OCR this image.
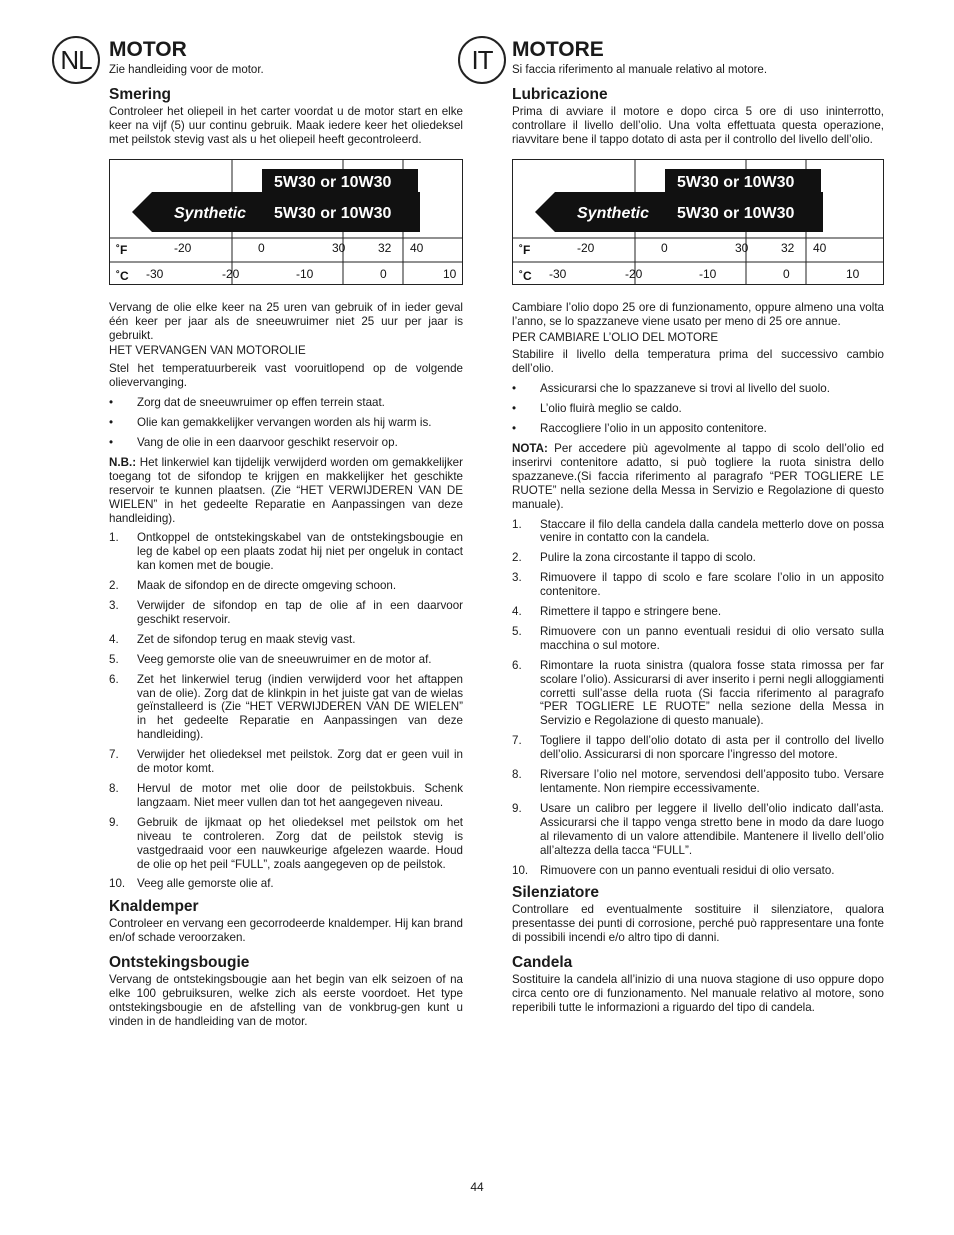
NL	IT
MOTOR
Zie handleiding voor de motor.
Smering

Controleer het oliepeil in het carter voordat u de motor start en elke keer na vijf (5) uur continu gebruik. Maak iedere keer het oliedeksel met peilstok stevig vast als u het oliepeil heeft gecontroleerd.

5W30 or 10W30
Synthetic 5W30 or 10W30
˚F
˚C
-20	0	30	32 40
-30	-20	-10	0	10

Vervang de olie elke keer na 25 uren van gebruik of in ieder geval één keer per jaar als de sneeuwruimer niet 25 uur per jaar is gebruikt.

HET VERVANGEN VAN MOTOROLIE

Stel het temperatuurbereik vast vooruitlopend op de volgende olievervanging.

• Zorg dat de sneeuwruimer op effen terrein staat.
• Olie kan gemakkelijker vervangen worden als hij warm is.
• Vang de olie in een daarvoor geschikt reservoir op.

N.B.: Het linkerwiel kan tijdelijk verwijderd worden om gemakkelijker toegang tot de sifondop te krijgen en makkelijker het geschikte reservoir te kunnen plaatsen. (Zie “HET VERWIJDEREN VAN DE WIELEN” in het gedeelte Reparatie en Aanpassingen van deze handleiding).

1. Ontkoppel de ontstekingskabel van de ontstekingsbougie en leg de kabel op een plaats zodat hij niet per ongeluk in contact kan komen met de bougie.
2. Maak de sifondop en de directe omgeving schoon.
3. Verwijder de sifondop en tap de olie af in een daarvoor geschikt reservoir.
4. Zet de sifondop terug en maak stevig vast.
5. Veeg gemorste olie van de sneeuwruimer en de motor af.
6. Zet het linkerwiel terug (indien verwijderd voor het aftappen van de olie). Zorg dat de klinkpin in het juiste gat van de wielas geïnstalleerd is (Zie “HET VERWIJDEREN VAN DE WIELEN” in het gedeelte Reparatie en Aanpassingen van deze handleiding).
7. Verwijder het oliedeksel met peilstok. Zorg dat er geen vuil in de motor komt.
8. Hervul de motor met olie door de peilstokbuis. Schenk langzaam. Niet meer vullen dan tot het aangegeven niveau.
9. Gebruik de ijkmaat op het oliedeksel met peilstok om het niveau te controleren. Zorg dat de peilstok stevig is vastgedraaid voor een nauwkeurige afgelezen waarde. Houd de olie op het peil “FULL”, zoals aangegeven op de peilstok.
10. Veeg alle gemorste olie af.
Knaldemper

Controleer en vervang een gecorrodeerde knaldemper. Hij kan brand en/of schade veroorzaken.

Ontstekingsbougie

Vervang de ontstekingsbougie aan het begin van elk seizoen of na elke 100 gebruiksuren, welke zich als eerste voordoet. Het type ontstekingsbougie en de afstelling van de vonkbrug-gen kunt u vinden in de handleiding van de motor.

MOTORE
Si faccia riferimento al manuale relativo al motore.
Lubricazione

Prima di avviare il motore e dopo circa 5 ore di uso ininterrotto, controllare il livello dell’olio. Una volta effettuata questa operazione, riavvitare bene il tappo dotato di asta per il controllo del livello dell’olio.

5W30 or 10W30
Synthetic 5W30 or 10W30
˚F
˚C
-20	0	30	32 40
-30	-20	-10	0	10

Cambiare l’olio dopo 25 ore di funzionamento, oppure almeno una volta l’anno, se lo spazzaneve viene usato per meno di 25 ore annue.

PER CAMBIARE L’OLIO DEL MOTORE

Stabilire il livello della temperatura prima del successivo cambio dell’olio.

• Assicurarsi che lo spazzaneve si trovi al livello del suolo.
• L’olio fluirà meglio se caldo.
• Raccogliere l’olio in un apposito contenitore.

NOTA: Per accedere più agevolmente al tappo di scolo dell’olio ed inserirvi contenitore adatto, si può togliere la ruota sinistra dello spazzaneve.(Si faccia riferimento al paragrafo “PER TOGLIERE LE RUOTE” nella sezione della Messa in Servizio e Regolazione di questo manuale).

1. Staccare il filo della candela dalla candela metterlo dove on possa venire in contatto con la candela.
2. Pulire la zona circostante il tappo di scolo.
3. Rimuovere il tappo di scolo e fare scolare l’olio in un apposito contenitore.
4. Rimettere il tappo e stringere bene.
5. Rimuovere con un panno eventuali residui di olio versato sulla macchina o sul motore.
6. Rimontare la ruota sinistra (qualora fosse stata rimossa per far scolare l’olio). Assicurarsi di aver inserito i perni negli alloggiamenti corretti sull’asse della ruota (Si faccia riferimento al paragrafo “PER TOGLIERE LE RUOTE” nella sezione della Messa in Servizio e Regolazione di questo manuale).
7. Togliere il tappo dell’olio dotato di asta per il controllo del livello dell’olio. Assicurarsi di non sporcare l’ingresso del motore.
8. Riversare l’olio nel motore, servendosi dell’apposito tubo. Versare lentamente. Non riempire eccessivamente.
9. Usare un calibro per leggere il livello dell’olio indicato dall’asta. Assicurarsi che il tappo venga stretto bene in modo da dare luogo al rilevamento di un valore attendibile. Mantenere il livello dell’olio all’altezza della tacca “FULL”.
10. Rimuovere con un panno eventuali residui di olio versato.
Silenziatore

Controllare ed eventualmente sostituire il silenziatore, qualora presentasse dei punti di corrosione, perché può rappresentare una fonte di possibili incendi e/o altro tipo di danni.

Candela

Sostituire la candela all’inizio di una nuova stagione di uso oppure dopo circa cento ore di funzionamento. Nel manuale relativo al motore, sono reperibili tutte le informazioni a riguardo del tipo di candela.

44
